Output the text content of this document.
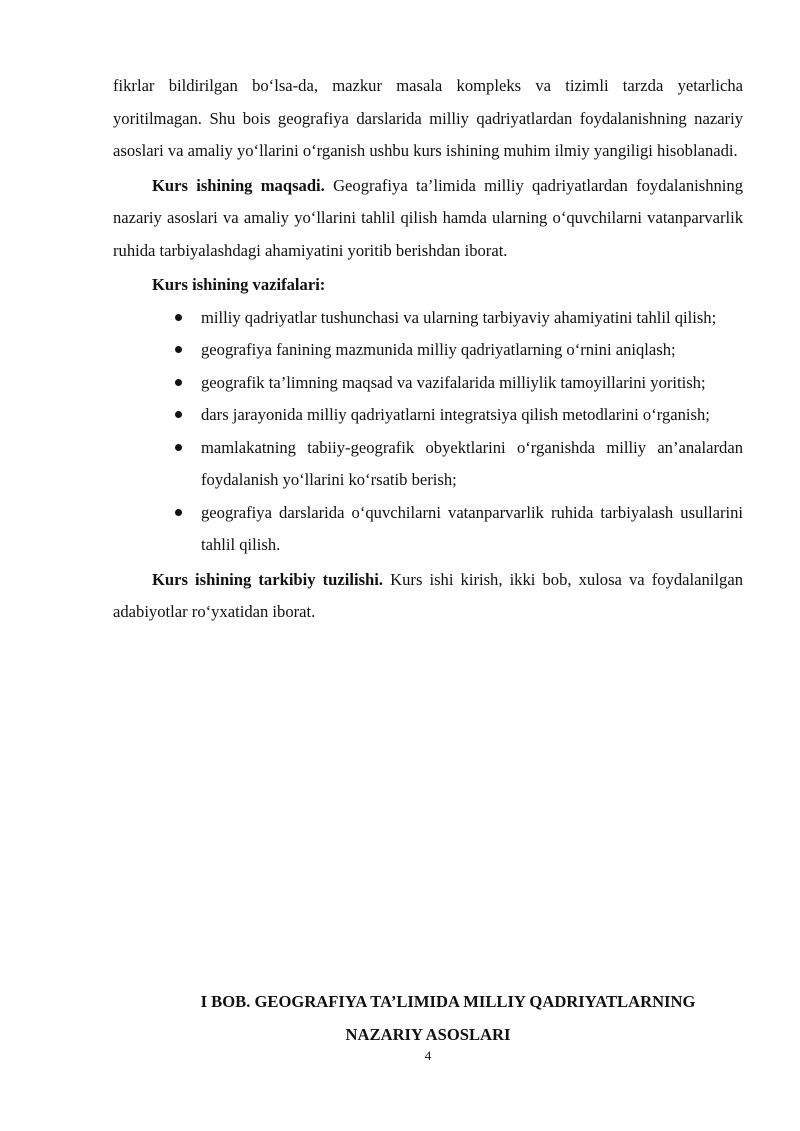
fikrlar bildirilgan bo‘lsa-da, mazkur masala kompleks va tizimli tarzda yetarlicha yoritilmagan. Shu bois geografiya darslarida milliy qadriyatlardan foydalanishning nazariy asoslari va amaliy yo‘llarini o‘rganish ushbu kurs ishining muhim ilmiy yangiligi hisoblanadi.

Kurs ishining maqsadi. Geografiya ta’limida milliy qadriyatlardan foydalanishning nazariy asoslari va amaliy yo‘llarini tahlil qilish hamda ularning o‘quvchilarni vatanparvarlik ruhida tarbiyalashdagi ahamiyatini yoritib berishdan iborat.

Kurs ishining vazifalari:

milliy qadriyatlar tushunchasi va ularning tarbiyaviy ahamiyatini tahlil qilish;
geografiya fanining mazmunida milliy qadriyatlarning o‘rnini aniqlash;
geografik ta’limning maqsad va vazifalarida milliylik tamoyillarini yoritish;
dars jarayonida milliy qadriyatlarni integratsiya qilish metodlarini o‘rganish;
mamlakatning tabiiy-geografik obyektlarini o‘rganishda milliy an’analardan foydalanish yo‘llarini ko‘rsatib berish;
geografiya darslarida o‘quvchilarni vatanparvarlik ruhida tarbiyalash usullarini tahlil qilish.

Kurs ishining tarkibiy tuzilishi. Kurs ishi kirish, ikki bob, xulosa va foydalanilgan adabiyotlar ro‘yxatidan iborat.

I BOB. GEOGRAFIYA TA’LIMIDA MILLIY QADRIYATLARNING
NAZARIY ASOSLARI
4
